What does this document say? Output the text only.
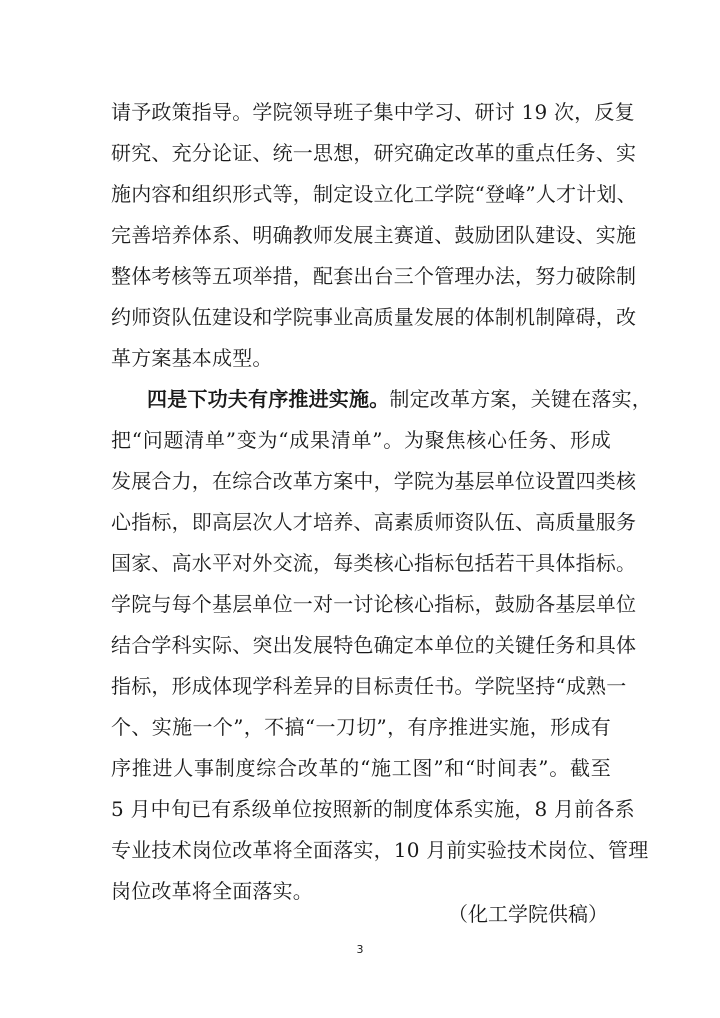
请予政策指导。学院领导班子集中学习、研讨 19 次，反复
研究、充分论证、统一思想，研究确定改革的重点任务、实
施内容和组织形式等，制定设立化工学院“登峰”人才计划、
完善培养体系、明确教师发展主赛道、鼓励团队建设、实施
整体考核等五项举措，配套出台三个管理办法，努力破除制
约师资队伍建设和学院事业高质量发展的体制机制障碍，改
革方案基本成型。
四是下功夫有序推进实施。制定改革方案，关键在落实，
把“问题清单”变为“成果清单”。为聚焦核心任务、形成
发展合力，在综合改革方案中，学院为基层单位设置四类核
心指标，即高层次人才培养、高素质师资队伍、高质量服务
国家、高水平对外交流，每类核心指标包括若干具体指标。
学院与每个基层单位一对一讨论核心指标，鼓励各基层单位
结合学科实际、突出发展特色确定本单位的关键任务和具体
指标，形成体现学科差异的目标责任书。学院坚持“成熟一
个、实施一个”，不搞“一刀切”，有序推进实施，形成有
序推进人事制度综合改革的“施工图”和“时间表”。截至
5 月中旬已有系级单位按照新的制度体系实施，8 月前各系
专业技术岗位改革将全面落实，10 月前实验技术岗位、管理
岗位改革将全面落实。
（化工学院供稿）
3
